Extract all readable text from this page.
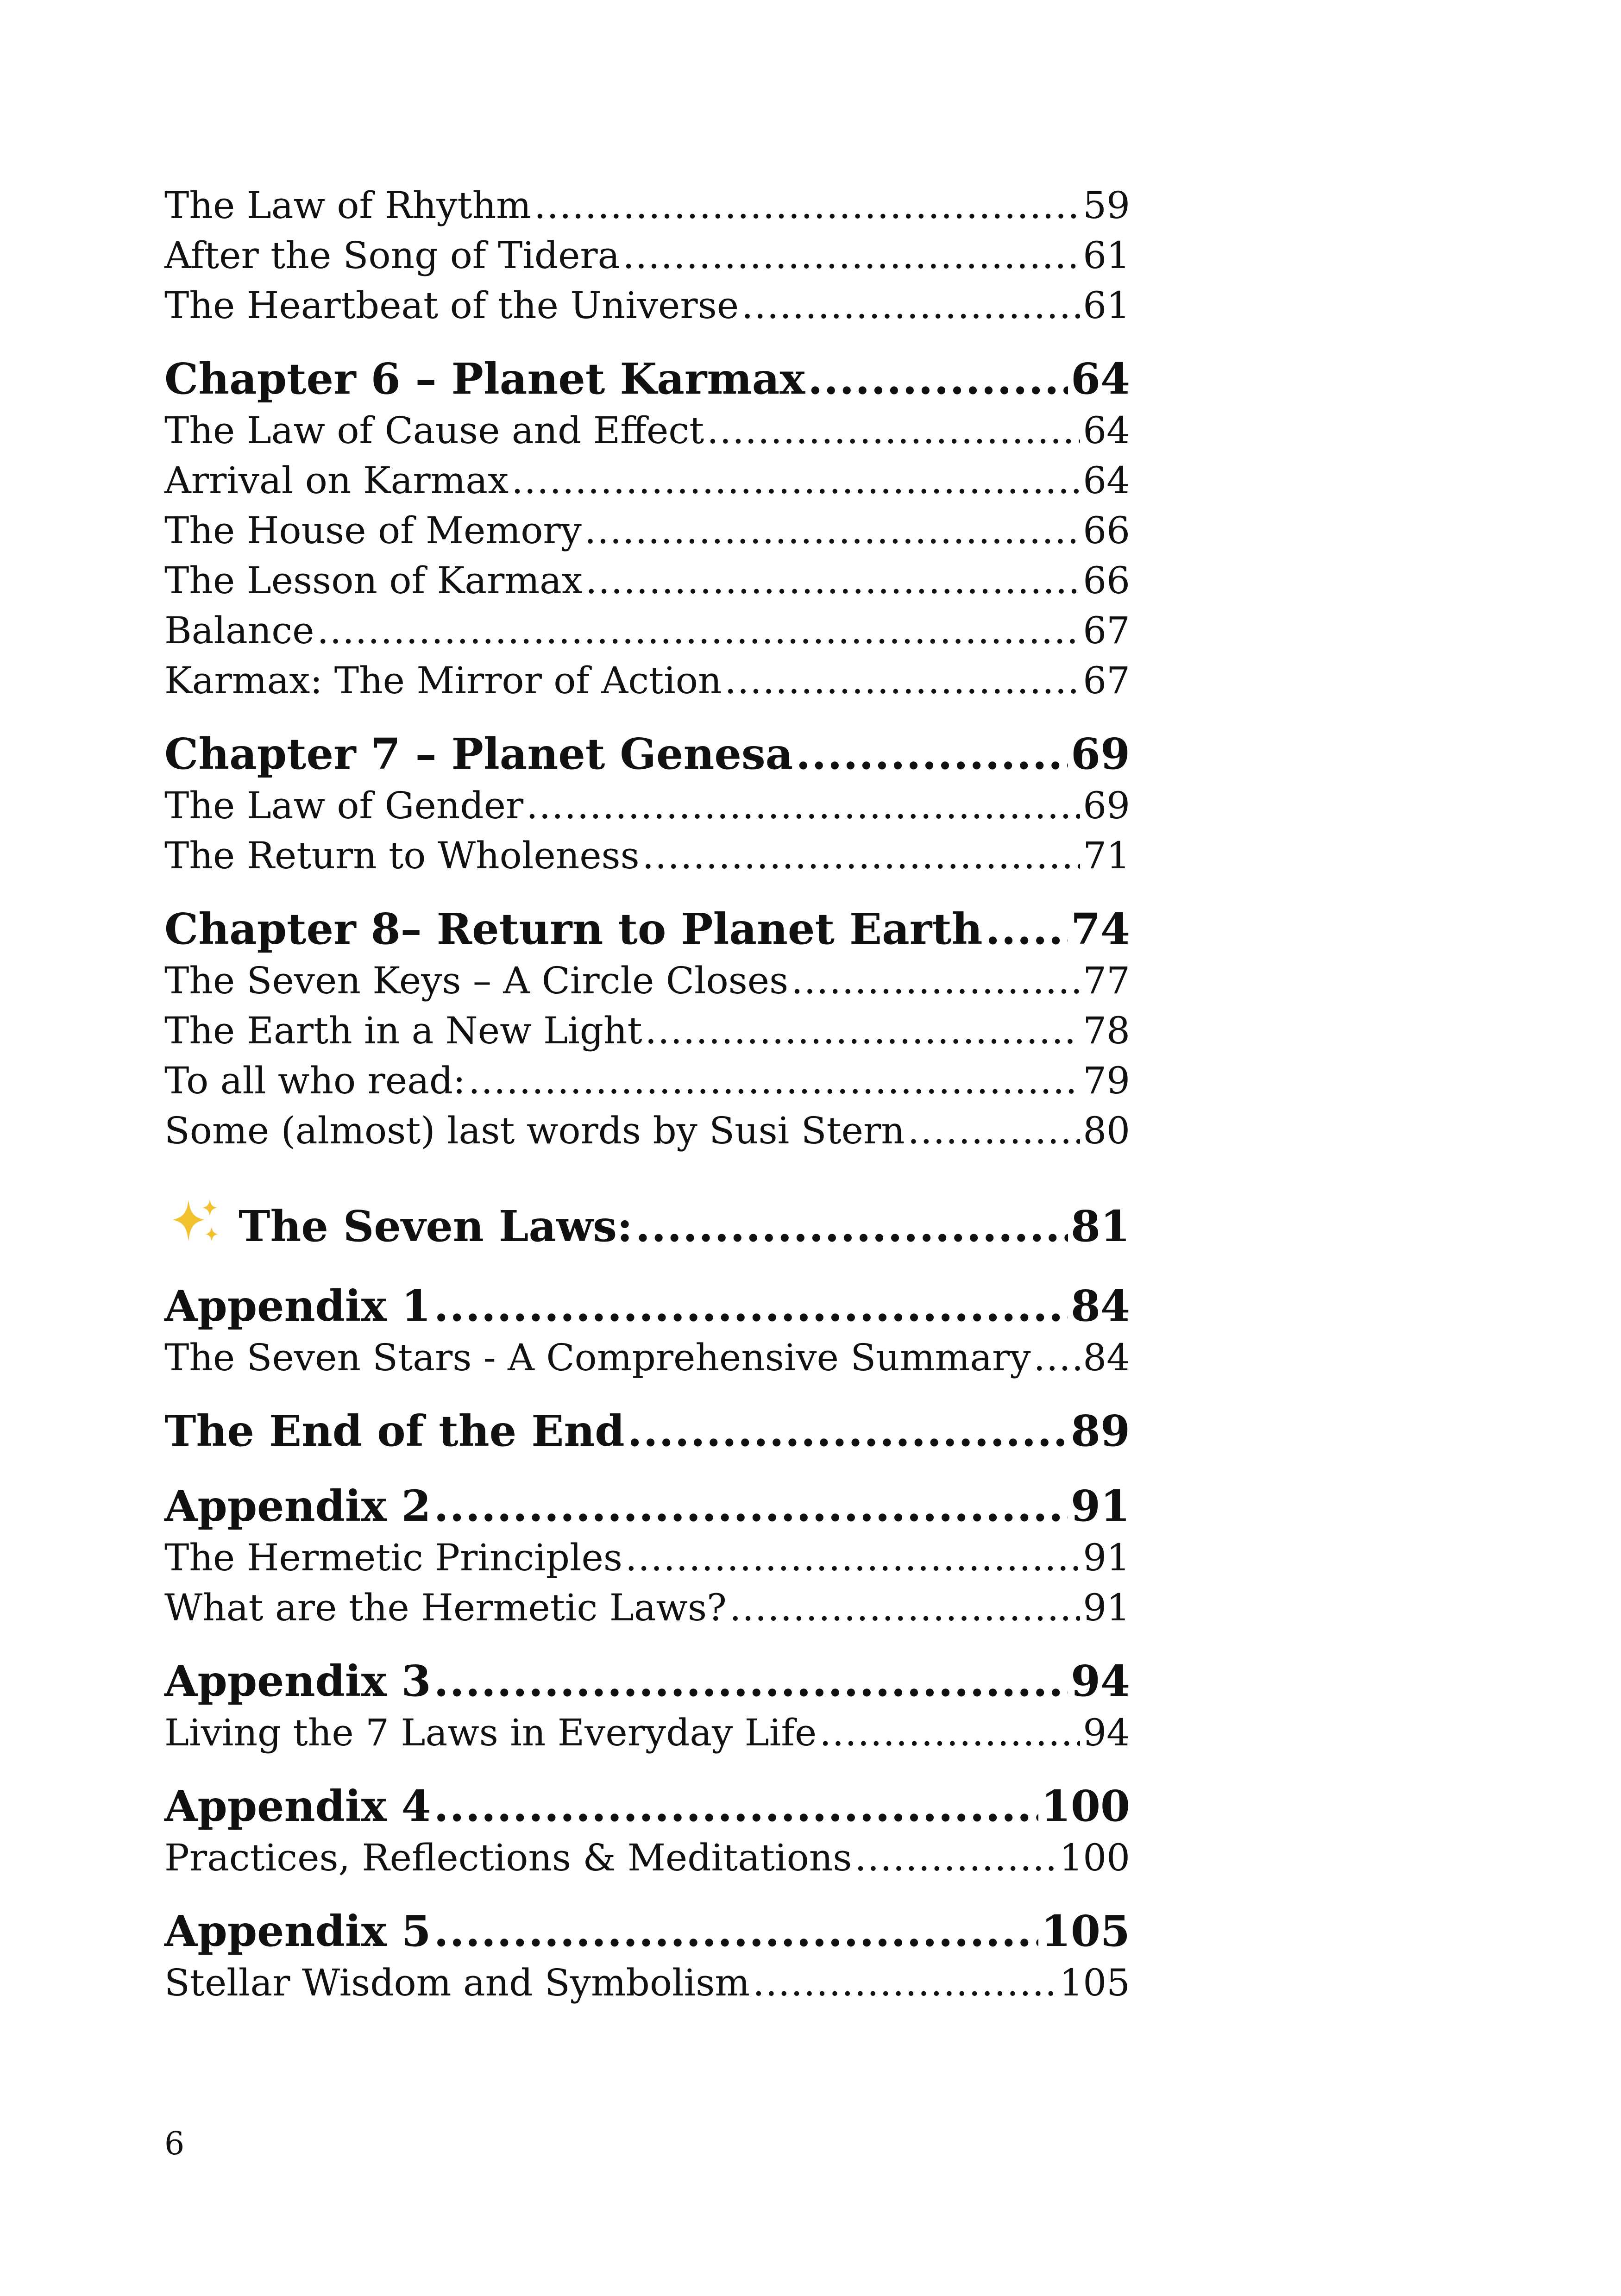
The Law of Rhythm .....	59
After the Song of Tidera .....	61
The Heartbeat of the Universe .....	61
Chapter 6 – Planet Karmax .....	64
The Law of Cause and Effect .....	64
Arrival on Karmax .....	64
The House of Memory .....	66
The Lesson of Karmax .....	66
Balance .....	67
Karmax: The Mirror of Action .....	67
Chapter 7 – Planet Genesa .....	69
The Law of Gender .....	69
The Return to Wholeness .....	71
Chapter 8– Return to Planet Earth ..... 74
The Seven Keys – A Circle Closes .....	77
The Earth in a New Light .....	78
To all who read: .....	79
Some (almost) last words by Susi Stern .....	80
The Seven Laws: .....	81
Appendix 1 .....	84
The Seven Stars - A Comprehensive Summary ..... 84
The End of the End .....	89
Appendix 2 .....	91
The Hermetic Principles .....	91
What are the Hermetic Laws? .....	91
Appendix 3 .....	94
Living the 7 Laws in Everyday Life .....	94
Appendix 4 .....	100
Practices, Reflections & Meditations .....	100
Appendix 5 .....	105
Stellar Wisdom and Symbolism .....	105
6
